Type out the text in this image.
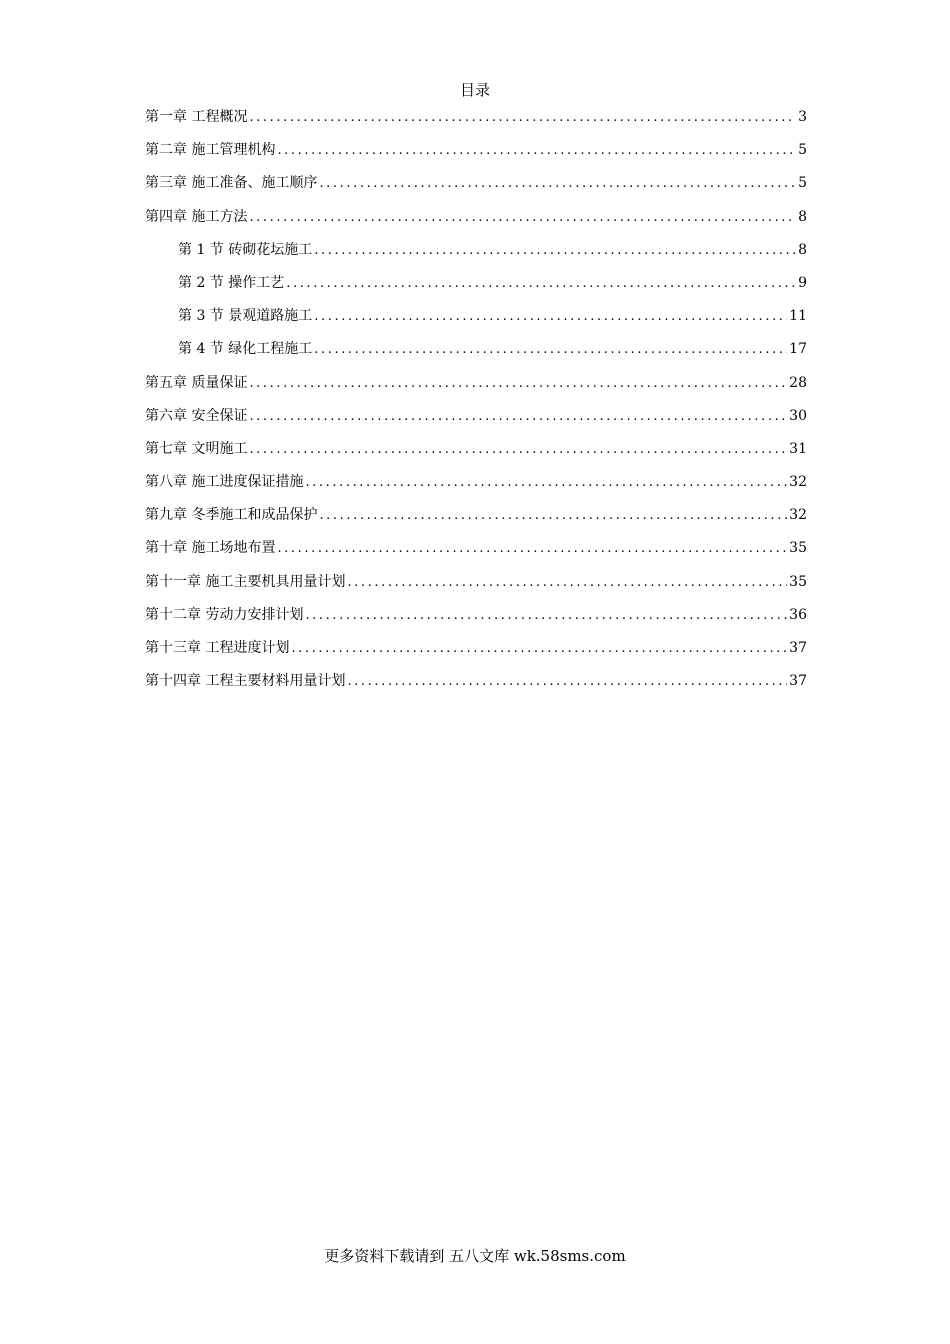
目录
第一章 工程概况 .....	3
第二章 施工管理机构 .....	5
第三章 施工准备、施工顺序 .....	5
第四章 施工方法 .....	8
第 1 节 砖砌花坛施工 .....	8
第 2 节 操作工艺 .....	9
第 3 节 景观道路施工 .....	11
第 4 节 绿化工程施工 .....	17
第五章 质量保证 .....	28
第六章 安全保证 .....	30
第七章 文明施工 .....	31
第八章 施工进度保证措施 .....	32
第九章 冬季施工和成品保护 .....	32
第十章 施工场地布置 .....	35
第十一章 施工主要机具用量计划 .....	35
第十二章 劳动力安排计划 .....	36
第十三章 工程进度计划 .....	37
第十四章 工程主要材料用量计划 .....	37
更多资料下载请到 五八文库 wk.58sms.com
